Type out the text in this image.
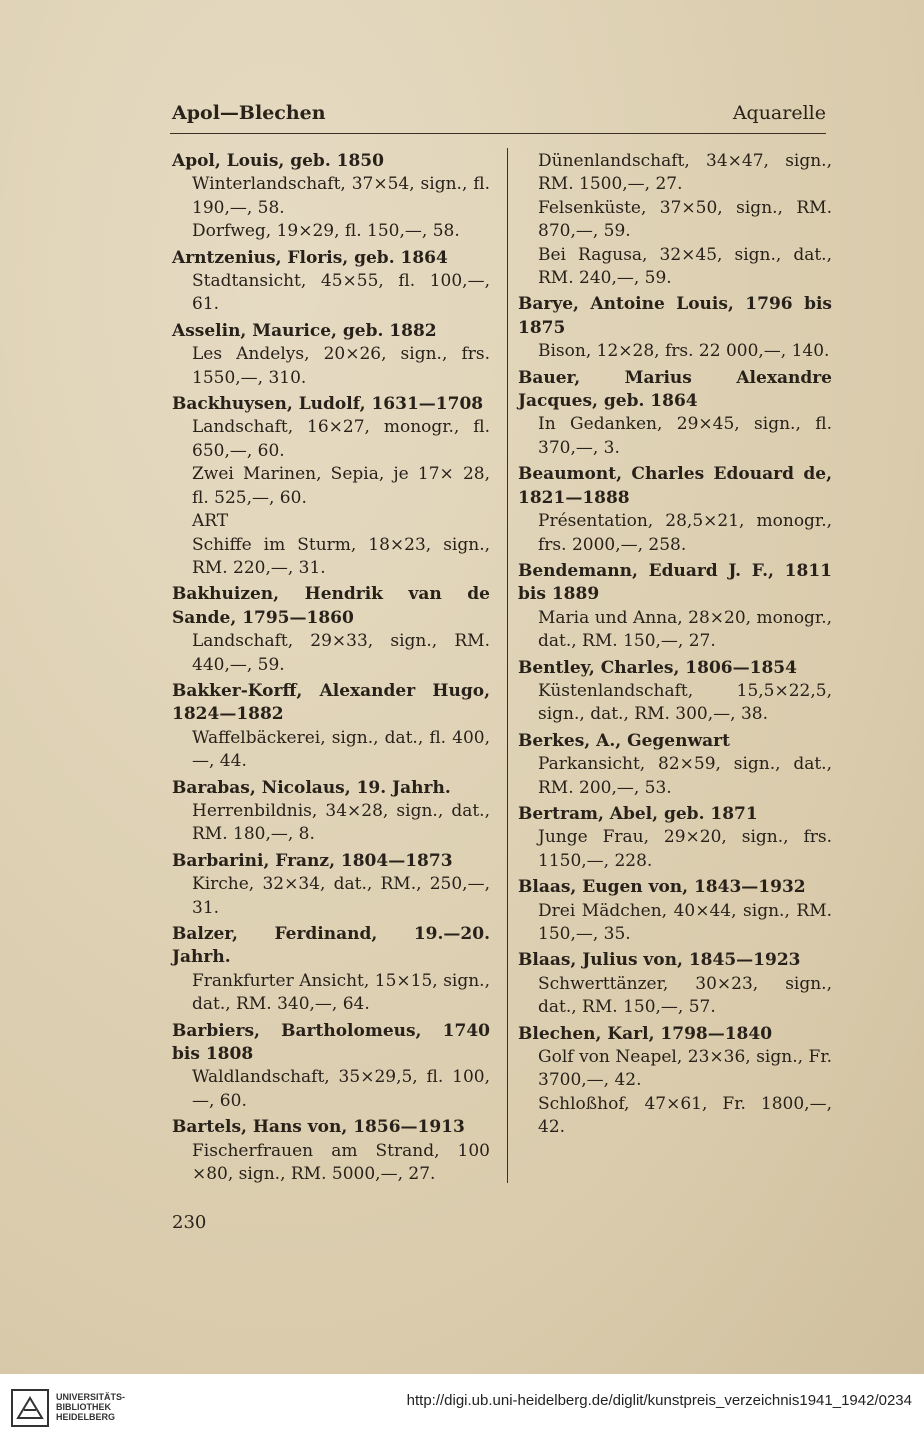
Apol—Blechen	Aquarelle
Apol, Louis, geb. 1850
Winterlandschaft, 37×54, sign., fl. 190,—, 58.
Dorfweg, 19×29, fl. 150,—, 58.
Arntzenius, Floris, geb. 1864
Stadtansicht, 45×55, fl. 100,—, 61.
Asselin, Maurice, geb. 1882
Les Andelys, 20×26, sign., frs. 1550,—, 310.
Backhuysen, Ludolf, 1631—1708
Landschaft, 16×27, monogr., fl. 650,—, 60.
Zwei Marinen, Sepia, je 17× 28, fl. 525,—, 60.
ART
Schiffe im Sturm, 18×23, sign., RM. 220,—, 31.
Bakhuizen, Hendrik van de Sande, 1795—1860
Landschaft, 29×33, sign., RM. 440,—, 59.
Bakker-Korff, Alexander Hugo, 1824—1882
Waffelbäckerei, sign., dat., fl. 400,—, 44.
Barabas, Nicolaus, 19. Jahrh.
Herrenbildnis, 34×28, sign., dat., RM. 180,—, 8.
Barbarini, Franz, 1804—1873
Kirche, 32×34, dat., RM., 250,—, 31.
Balzer, Ferdinand, 19.—20. Jahrh.
Frankfurter Ansicht, 15×15, sign., dat., RM. 340,—, 64.
Barbiers, Bartholomeus, 1740 bis 1808
Waldlandschaft, 35×29,5, fl. 100,—, 60.
Bartels, Hans von, 1856—1913
Fischerfrauen am Strand, 100 ×80, sign., RM. 5000,—, 27.
Dünenlandschaft, 34×47, sign., RM. 1500,—, 27.
Felsenküste, 37×50, sign., RM. 870,—, 59.
Bei Ragusa, 32×45, sign., dat., RM. 240,—, 59.
Barye, Antoine Louis, 1796 bis 1875
Bison, 12×28, frs. 22 000,—, 140.
Bauer, Marius Alexandre Jacques, geb. 1864
In Gedanken, 29×45, sign., fl. 370,—, 3.
Beaumont, Charles Edouard de, 1821—1888
Présentation, 28,5×21, monogr., frs. 2000,—, 258.
Bendemann, Eduard J. F., 1811 bis 1889
Maria und Anna, 28×20, monogr., dat., RM. 150,—, 27.
Bentley, Charles, 1806—1854
Küstenlandschaft, 15,5×22,5, sign., dat., RM. 300,—, 38.
Berkes, A., Gegenwart
Parkansicht, 82×59, sign., dat., RM. 200,—, 53.
Bertram, Abel, geb. 1871
Junge Frau, 29×20, sign., frs. 1150,—, 228.
Blaas, Eugen von, 1843—1932
Drei Mädchen, 40×44, sign., RM. 150,—, 35.
Blaas, Julius von, 1845—1923
Schwerttänzer, 30×23, sign., dat., RM. 150,—, 57.
Blechen, Karl, 1798—1840
Golf von Neapel, 23×36, sign., Fr. 3700,—, 42.
Schloßhof, 47×61, Fr. 1800,—, 42.
230
UNIVERSITÄTS-
BIBLIOTHEK
HEIDELBERG
http://digi.ub.uni-heidelberg.de/diglit/kunstpreis_verzeichnis1941_1942/0234
